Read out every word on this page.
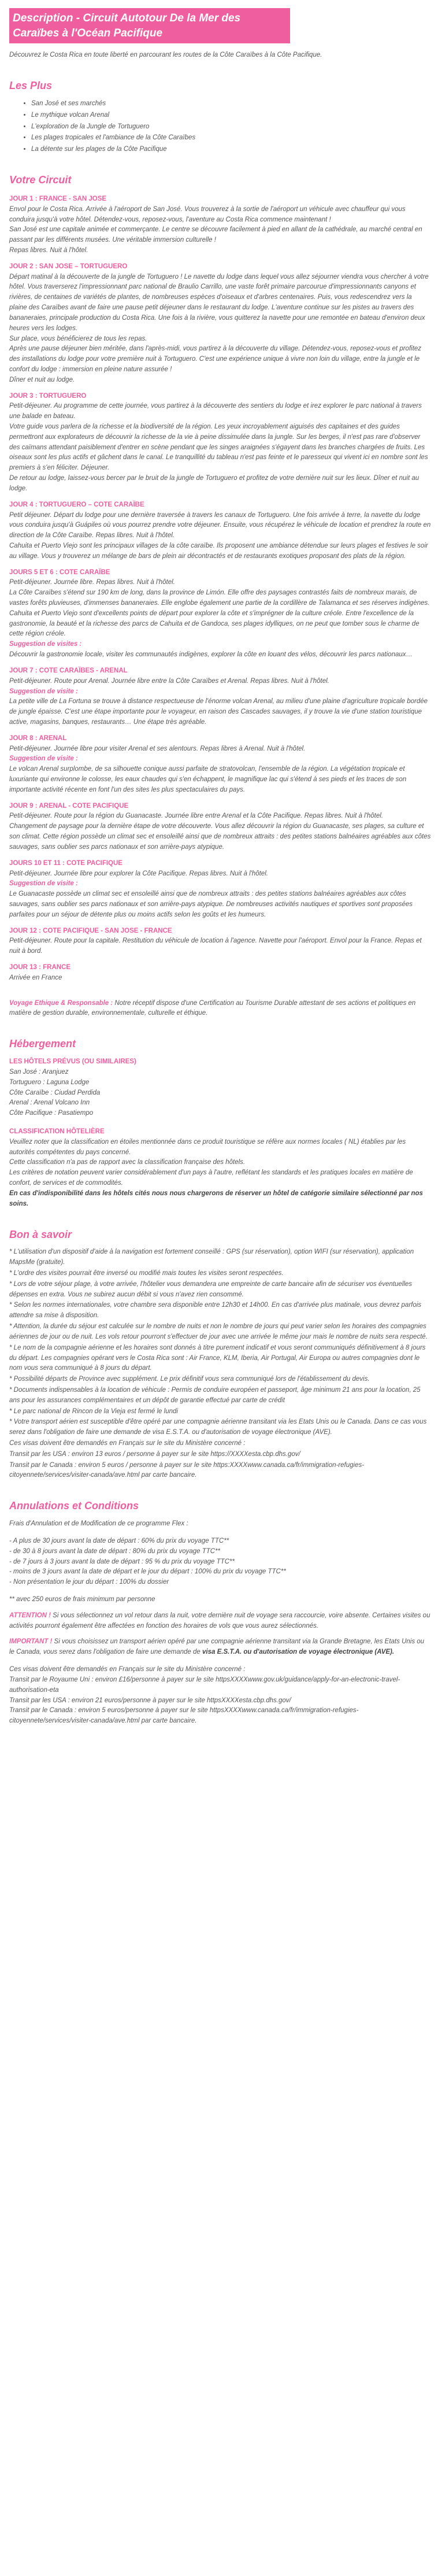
Description - Circuit Autotour De la Mer des Caraïbes à l'Océan Pacifique

Découvrez le Costa Rica en toute liberté en parcourant les routes de la Côte Caraïbes à la Côte Pacifique.

Les Plus
• San José et ses marchés
• Le mythique volcan Arenal
• L'exploration de la Jungle de Tortuguero
• Les plages tropicales et l'ambiance de la Côte Caraïbes
• La détente sur les plages de la Côte Pacifique
Votre Circuit

JOUR 1 : FRANCE - SAN JOSE

Envol pour le Costa Rica. Arrivée à l'aéroport de San José. Vous trouverez à la sortie de l'aéroport un véhicule avec chauffeur qui vous conduira jusqu'à votre hôtel. Détendez-vous, reposez-vous, l'aventure au Costa Rica commence maintenant !

San José est une capitale animée et commerçante. Le centre se découvre facilement à pied en allant de la cathédrale, au marché central en passant par les différents musées. Une véritable immersion culturelle !

Repas libres. Nuit à l'hôtel.

JOUR 2 : SAN JOSE – TORTUGUERO

Départ matinal à la découverte de la jungle de Tortuguero ! Le navette du lodge dans lequel vous allez séjourner viendra vous chercher à votre hôtel. Vous traverserez l'impressionnant parc national de Braulio Carrillo, une vaste forêt primaire parcourue d'impressionnants canyons et rivières, de centaines de variétés de plantes, de nombreuses espèces d'oiseaux et d'arbres centenaires. Puis, vous redescendrez vers la plaine des Caraïbes avant de faire une pause petit déjeuner dans le restaurant du lodge. L'aventure continue sur les pistes au travers des bananeraies, principale production du Costa Rica. Une fois à la rivière, vous quitterez la navette pour une remontée en bateau d'environ deux heures vers les lodges.

Sur place, vous bénéficierez de tous les repas.

Après une pause déjeuner bien méritée, dans l'après-midi, vous partirez à la découverte du village. Détendez-vous, reposez-vous et profitez des installations du lodge pour votre première nuit à Tortuguero. C'est une expérience unique à vivre non loin du village, entre la jungle et le confort du lodge : immersion en pleine nature assurée !

Dîner et nuit au lodge.

JOUR 3 : TORTUGUERO

Petit-déjeuner. Au programme de cette journée, vous partirez à la découverte des sentiers du lodge et irez explorer le parc national à travers une balade en bateau.

Votre guide vous parlera de la richesse et la biodiversité de la région. Les yeux incroyablement aiguisés des capitaines et des guides permettront aux explorateurs de découvrir la richesse de la vie à peine dissimulée dans la jungle. Sur les berges, il n'est pas rare d'observer des caïmans attendant paisiblement d'entrer en scène pendant que les singes araignées s'égayent dans les branches chargées de fruits. Les oiseaux sont les plus actifs et gâchent dans le canal. Le tranquillité du tableau n'est pas feinte et le paresseux qui vivent ici en nombre sont les premiers à s'en féliciter. Déjeuner.

De retour au lodge, laissez-vous bercer par le bruit de la jungle de Tortuguero et profitez de votre dernière nuit sur les lieux. Dîner et nuit au lodge.

JOUR 4 : TORTUGUERO – COTE CARAÏBE

Petit déjeuner. Départ du lodge pour une dernière traversée à travers les canaux de Tortuguero. Une fois arrivée à terre, la navette du lodge vous conduira jusqu'à Guápiles où vous pourrez prendre votre déjeuner. Ensuite, vous récupérez le véhicule de location et prendrez la route en direction de la Côte Caraïbe. Repas libres. Nuit à l'hôtel.

Cahuita et Puerto Viejo sont les principaux villages de la côte caraïbe. Ils proposent une ambiance détendue sur leurs plages et festives le soir au village. Vous y trouverez un mélange de bars de plein air décontractés et de restaurants exotiques proposant des plats de la région.

JOURS 5 ET 6 : COTE CARAÏBE

Petit-déjeuner. Journée libre. Repas libres. Nuit à l'hôtel.

La Côte Caraïbes s'étend sur 190 km de long, dans la province de Limón. Elle offre des paysages contrastés faits de nombreux marais, de vastes forêts pluvieuses, d'immenses bananeraies. Elle englobe également une partie de la cordillère de Talamanca et ses réserves indigènes.

Cahuita et Puerto Viejo sont d'excellents points de départ pour explorer la côte et s'imprégner de la culture créole. Entre l'excellence de la gastronomie, la beauté et la richesse des parcs de Cahuita et de Gandoca, ses plages idylliques, on ne peut que tomber sous le charme de cette région créole.

Suggestion de visites :

Découvrir la gastronomie locale, visiter les communautés indigènes, explorer la côte en louant des vélos, découvrir les parcs nationaux…

JOUR 7 : COTE CARAÏBES - ARENAL

Petit-déjeuner. Route pour Arenal. Journée libre entre la Côte Caraïbes et Arenal. Repas libres. Nuit à l'hôtel.

Suggestion de visite :

La petite ville de La Fortuna se trouve à distance respectueuse de l'énorme volcan Arenal, au milieu d'une plaine d'agriculture tropicale bordée de jungle épaisse. C'est une étape importante pour le voyageur, en raison des Cascades sauvages, il y trouve la vie d'une station touristique active, magasins, banques, restaurants… Une étape très agréable.

JOUR 8 : ARENAL

Petit-déjeuner. Journée libre pour visiter Arenal et ses alentours. Repas libres à Arenal. Nuit à l'hôtel.

Suggestion de visite :

Le volcan Arenal surplombe, de sa silhouette conique aussi parfaite de stratovolcan, l'ensemble de la région. La végétation tropicale et luxuriante qui environne le colosse, les eaux chaudes qui s'en échappent, le magnifique lac qui s'étend à ses pieds et les traces de son importante activité récente en font l'un des sites les plus spectaculaires du pays.

JOUR 9 : ARENAL - COTE PACIFIQUE

Petit-déjeuner. Route pour la région du Guanacaste. Journée libre entre Arenal et la Côte Pacifique. Repas libres. Nuit à l'hôtel.

Changement de paysage pour la dernière étape de votre découverte. Vous allez découvrir la région du Guanacaste, ses plages, sa culture et son climat. Cette région possède un climat sec et ensoleillé ainsi que de nombreux attraits : des petites stations balnéaires agréables aux côtes sauvages, sans oublier ses parcs nationaux et son arrière-pays atypique.

JOURS 10 ET 11 : COTE PACIFIQUE

Petit-déjeuner. Journée libre pour explorer la Côte Pacifique. Repas libres. Nuit à l'hôtel.

Suggestion de visite :

Le Guanacaste possède un climat sec et ensoleillé ainsi que de nombreux attraits : des petites stations balnéaires agréables aux côtes sauvages, sans oublier ses parcs nationaux et son arrière-pays atypique. De nombreuses activités nautiques et sportives sont proposées parfaites pour un séjour de détente plus ou moins actifs selon les goûts et les humeurs.

JOUR 12 : COTE PACIFIQUE - SAN JOSE - FRANCE

Petit-déjeuner. Route pour la capitale. Restitution du véhicule de location à l'agence. Navette pour l'aéroport. Envol pour la France. Repas et nuit à bord.

JOUR 13 : FRANCE

Arrivée en France

Voyage Ethique & Responsable : Notre réceptif dispose d'une Certification au Tourisme Durable attestant de ses actions et politiques en matière de gestion durable, environnementale, culturelle et éthique.

Hébergement

LES HÔTELS PRÉVUS (OU SIMILAIRES)

San José : Aranjuez

Tortuguero : Laguna Lodge

Côte Caraïbe : Ciudad Perdida

Arenal : Arenal Volcano Inn

Côte Pacifique : Pasatiempo

CLASSIFICATION HÔTELIÈRE

Veuillez noter que la classification en étoiles mentionnée dans ce produit touristique se réfère aux normes locales ( NL) établies par les autorités compétentes du pays concerné.

Cette classification n'a pas de rapport avec la classification française des hôtels.

Les critères de notation peuvent varier considérablement d'un pays à l'autre, reflétant les standards et les pratiques locales en matière de confort, de services et de commodités.

En cas d'indisponibilité dans les hôtels cités nous nous chargerons de réserver un hôtel de catégorie similaire sélectionné par nos soins.

Bon à savoir

* L'utilisation d'un dispositif d'aide à la navigation est fortement conseillé : GPS (sur réservation), option WIFI (sur réservation), application MapsMe (gratuite).

* L'ordre des visites pourrait être inversé ou modifié mais toutes les visites seront respectées.

* Lors de votre séjour plage, à votre arrivée, l'hôtelier vous demandera une empreinte de carte bancaire afin de sécuriser vos éventuelles dépenses en extra. Vous ne subirez aucun débit si vous n'avez rien consommé.

* Selon les normes internationales, votre chambre sera disponible entre 12h30 et 14h00. En cas d'arrivée plus matinale, vous devrez parfois attendre sa mise à disposition.

* Attention, la durée du séjour est calculée sur le nombre de nuits et non le nombre de jours qui peut varier selon les horaires des compagnies aériennes de jour ou de nuit. Les vols retour pourront s'effectuer de jour avec une arrivée le même jour mais le nombre de nuits sera respecté.

* Le nom de la compagnie aérienne et les horaires sont donnés à titre purement indicatif et vous seront communiqués définitivement à 8 jours du départ. Les compagnies opérant vers le Costa Rica sont : Air France, KLM, Iberia, Air Portugal, Air Europa ou autres compagnies dont le nom vous sera communiqué à 8 jours du départ.

* Possibilité départs de Province avec supplément. Le prix définitif vous sera communiqué lors de l'établissement du devis.

* Documents indispensables à la location de véhicule : Permis de conduire européen et passeport, âge minimum 21 ans pour la location, 25 ans pour les assurances complémentaires et un dépôt de garantie effectué par carte de crédit

* Le parc national de Rincon de la Vieja est fermé le lundi

* Votre transport aérien est susceptible d'être opéré par une compagnie aérienne transitant via les Etats Unis ou le Canada. Dans ce cas vous serez dans l'obligation de faire une demande de visa E.S.T.A. ou d'autorisation de voyage électronique (AVE).

Ces visas doivent être demandés en Français sur le site du Ministère concerné :

Transit par les USA : environ 13 euros / personne à payer sur le site https://XXXXesta.cbp.dhs.gov/

Transit par le Canada : environ 5 euros / personne à payer sur le site https:XXXXwww.canada.ca/fr/immigration-refugies-citoyennete/services/visiter-canada/ave.html par carte bancaire.

Annulations et Conditions

Frais d'Annulation et de Modification de ce programme Flex :

- A plus de 30 jours avant la date de départ : 60% du prix du voyage TTC**

- de 30 à 8 jours avant la date de départ : 80% du prix du voyage TTC**

- de 7 jours à 3 jours avant la date de départ : 95 % du prix du voyage TTC**

- moins de 3 jours avant la date de départ et le jour du départ : 100% du prix du voyage TTC**

- Non présentation le jour du départ : 100% du dossier

** avec 250 euros de frais minimum par personne

ATTENTION ! Si vous sélectionnez un vol retour dans la nuit, votre dernière nuit de voyage sera raccourcie, voire absente. Certaines visites ou activités pourront également être affectées en fonction des horaires de vols que vous aurez sélectionnés.

IMPORTANT ! Si vous choisissez un transport aérien opéré par une compagnie aérienne transitant via la Grande Bretagne, les Etats Unis ou le Canada, vous serez dans l'obligation de faire une demande de visa E.S.T.A. ou d'autorisation de voyage électronique (AVE).

Ces visas doivent être demandés en Français sur le site du Ministère concerné :

Transit par le Royaume Uni : environ £16/personne à payer sur le site httpsXXXXwww.gov.uk/guidance/apply-for-an-electronic-travel-authorisation-eta

Transit par les USA : environ 21 euros/personne à payer sur le site httpsXXXXesta.cbp.dhs.gov/

Transit par le Canada : environ 5 euros/personne à payer sur le site httpsXXXXwww.canada.ca/fr/immigration-refugies-citoyennete/services/visiter-canada/ave.html par carte bancaire.
